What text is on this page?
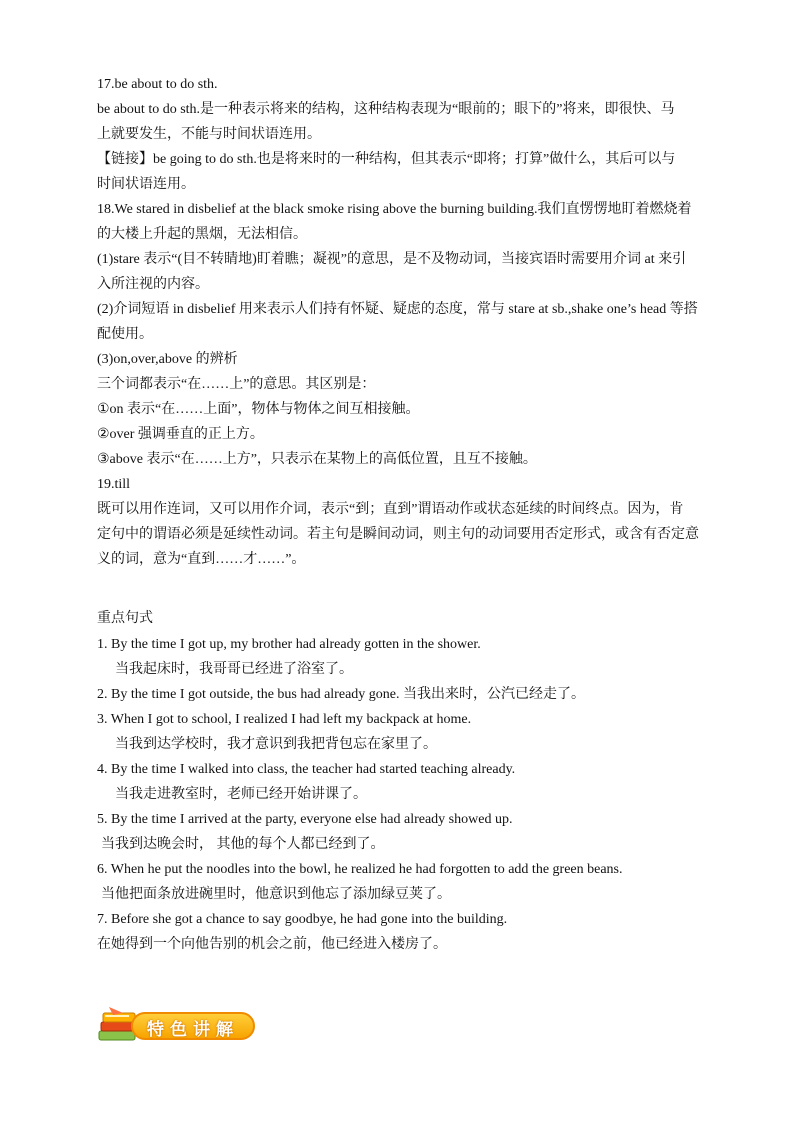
17.be about to do sth.
be about to do sth.是一种表示将来的结构，这种结构表现为“眼前的；眼下的”将来，即很快、马
上就要发生，不能与时间状语连用。
【链接】be going to do sth.也是将来时的一种结构，但其表示“即将；打算”做什么，其后可以与
时间状语连用。
18.We stared in disbelief at the black smoke rising above the burning building.我们直愣愣地盯着燃烧着
的大楼上升起的黑烟，无法相信。
(1)stare 表示“(目不转睛地)盯着瞧；凝视”的意思，是不及物动词，当接宾语时需要用介词 at 来引
入所注视的内容。
(2)介词短语 in disbelief 用来表示人们持有怀疑、疑虑的态度，常与 stare at sb.,shake one’s head 等搭
配使用。
(3)on,over,above 的辨析
三个词都表示“在……上”的意思。其区别是：
①on 表示“在……上面”，物体与物体之间互相接触。
②over 强调垂直的正上方。
③above 表示“在……上方”，只表示在某物上的高低位置，且互不接触。
19.till
既可以用作连词，又可以用作介词，表示“到；直到”谓语动作或状态延续的时间终点。因为，肯
定句中的谓语必须是延续性动词。若主句是瞬间动词，则主句的动词要用否定形式，或含有否定意
义的词，意为“直到……才……”。
重点句式
1. By the time I got up, my brother had already gotten in the shower.
当我起床时，我哥哥已经进了浴室了。
2. By the time I got outside, the bus had already gone. 当我出来时，公汽已经走了。
3. When I got to school, I realized I had left my backpack at home.
当我到达学校时，我才意识到我把背包忘在家里了。
4. By the time I walked into class, the teacher had started teaching already.
当我走进教室时，老师已经开始讲课了。
5. By the time I arrived at the party, everyone else had already showed up.
当我到达晚会时， 其他的每个人都已经到了。
6. When he put the noodles into the bowl, he realized he had forgotten to add the green beans.
当他把面条放进碗里时，他意识到他忘了添加绿豆荚了。
7. Before she got a chance to say goodbye, he had gone into the building.
在她得到一个向他告别的机会之前，他已经进入楼房了。
特色讲解
